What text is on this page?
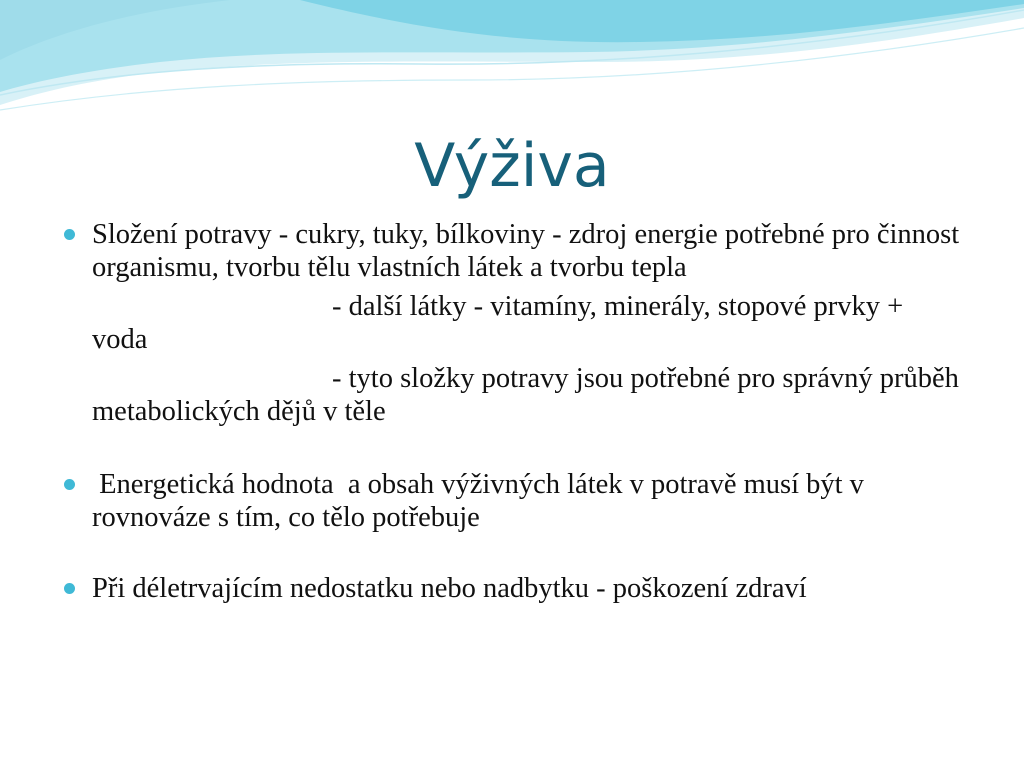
Výživa

Složení potravy - cukry, tuky, bílkoviny - zdroj energie potřebné pro činnost organismu, tvorbu tělu vlastních látek a tvorbu tepla

- další látky - vitamíny, minerály, stopové prvky + voda

- tyto složky potravy jsou potřebné pro správný průběh metabolických dějů v těle

Energetická hodnota  a obsah výživných látek v potravě musí být v rovnováze s tím, co tělo potřebuje

Při déletrvajícím nedostatku nebo nadbytku - poškození zdraví
